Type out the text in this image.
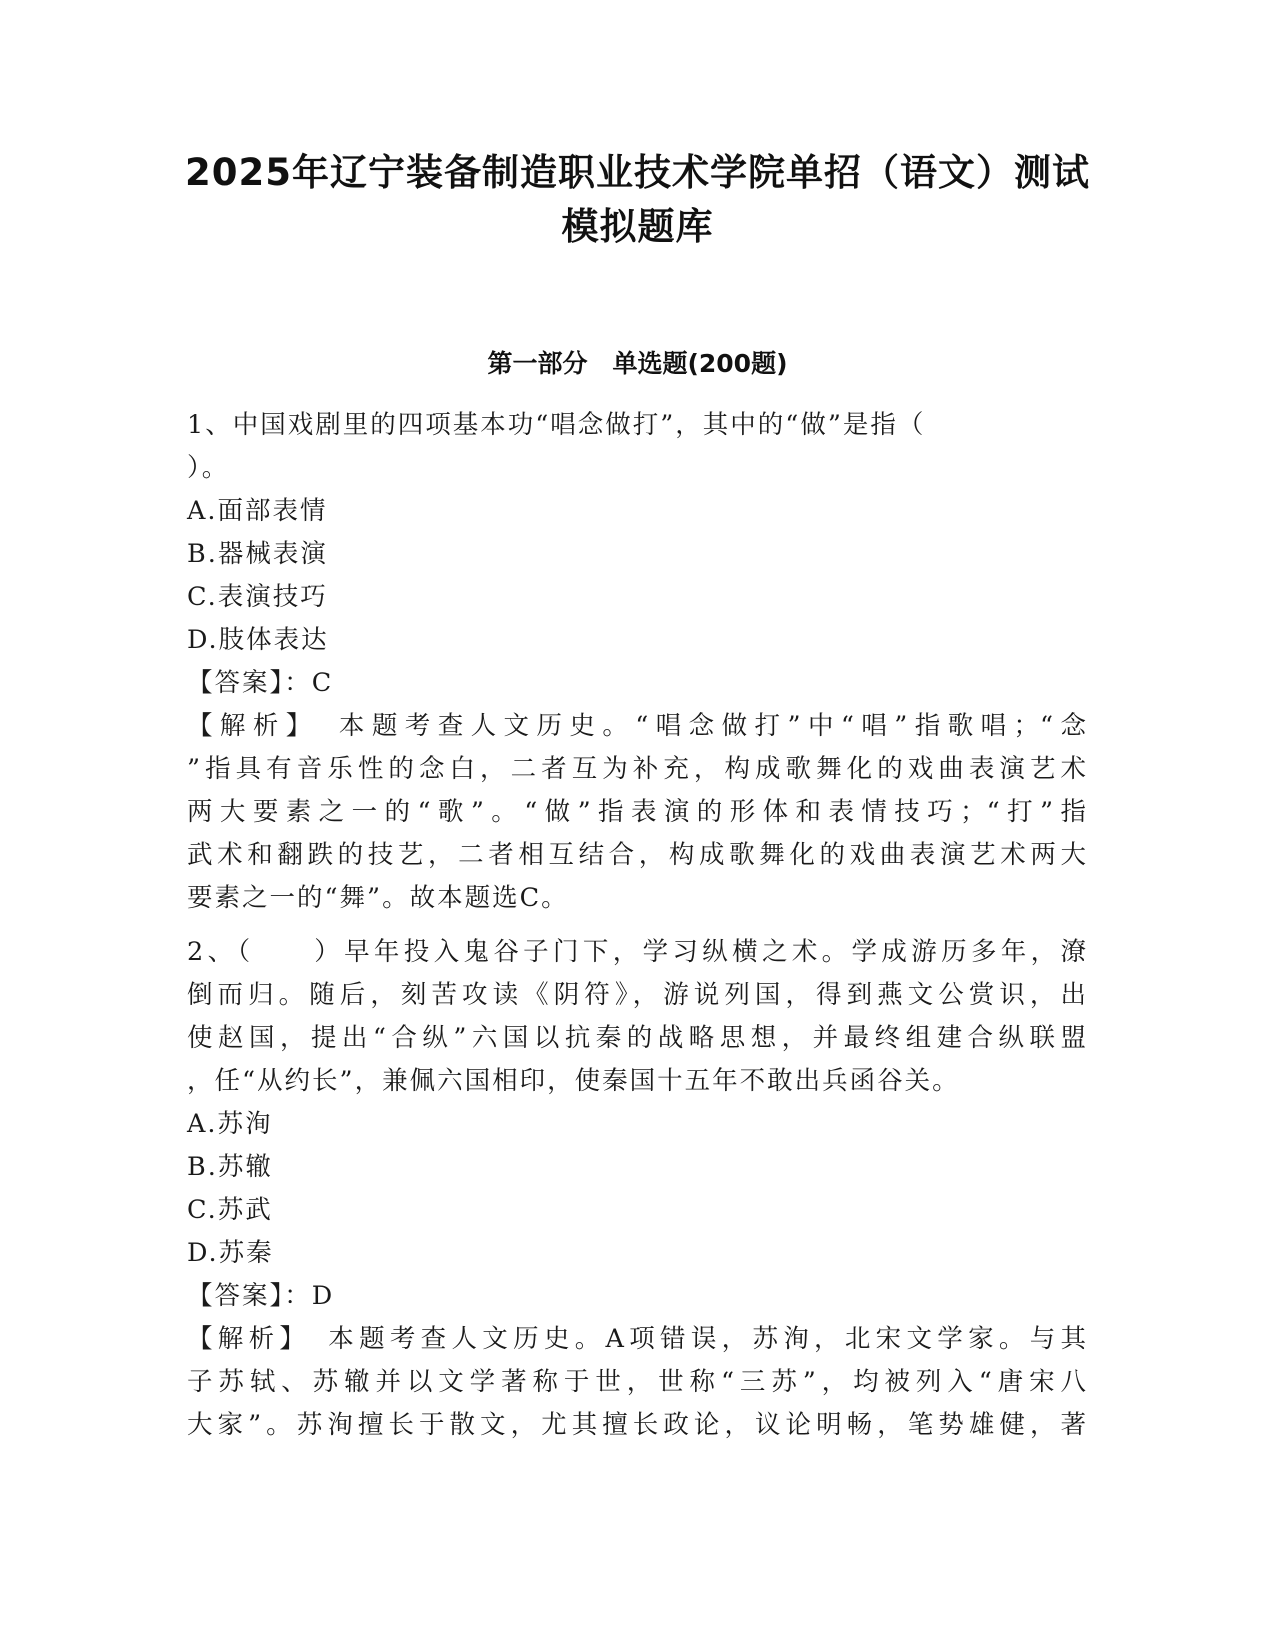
2025年辽宁装备制造职业技术学院单招（语文）测试
模拟题库
第一部分　单选题(200题)
1、中国戏剧里的四项基本功“唱念做打”，其中的“做”是指（
）。
A.面部表情
B.器械表演
C.表演技巧
D.肢体表达
【答案】：C
【解析】　本题考查人文历史。“唱念做打”中“唱”指歌唱；“念
”指具有音乐性的念白，二者互为补充，构成歌舞化的戏曲表演艺术
两大要素之一的“歌”。“做”指表演的形体和表情技巧；“打”指
武术和翻跌的技艺，二者相互结合，构成歌舞化的戏曲表演艺术两大
要素之一的“舞”。故本题选C。
2、（　　）早年投入鬼谷子门下，学习纵横之术。学成游历多年，潦
倒而归。随后，刻苦攻读《阴符》，游说列国，得到燕文公赏识，出
使赵国，提出“合纵”六国以抗秦的战略思想，并最终组建合纵联盟
，任“从约长”，兼佩六国相印，使秦国十五年不敢出兵函谷关。
A.苏洵
B.苏辙
C.苏武
D.苏秦
【答案】：D
【解析】　本题考查人文历史。A项错误，苏洵，北宋文学家。与其
子苏轼、苏辙并以文学著称于世，世称“三苏”，均被列入“唐宋八
大家”。苏洵擅长于散文，尤其擅长政论，议论明畅，笔势雄健，著
